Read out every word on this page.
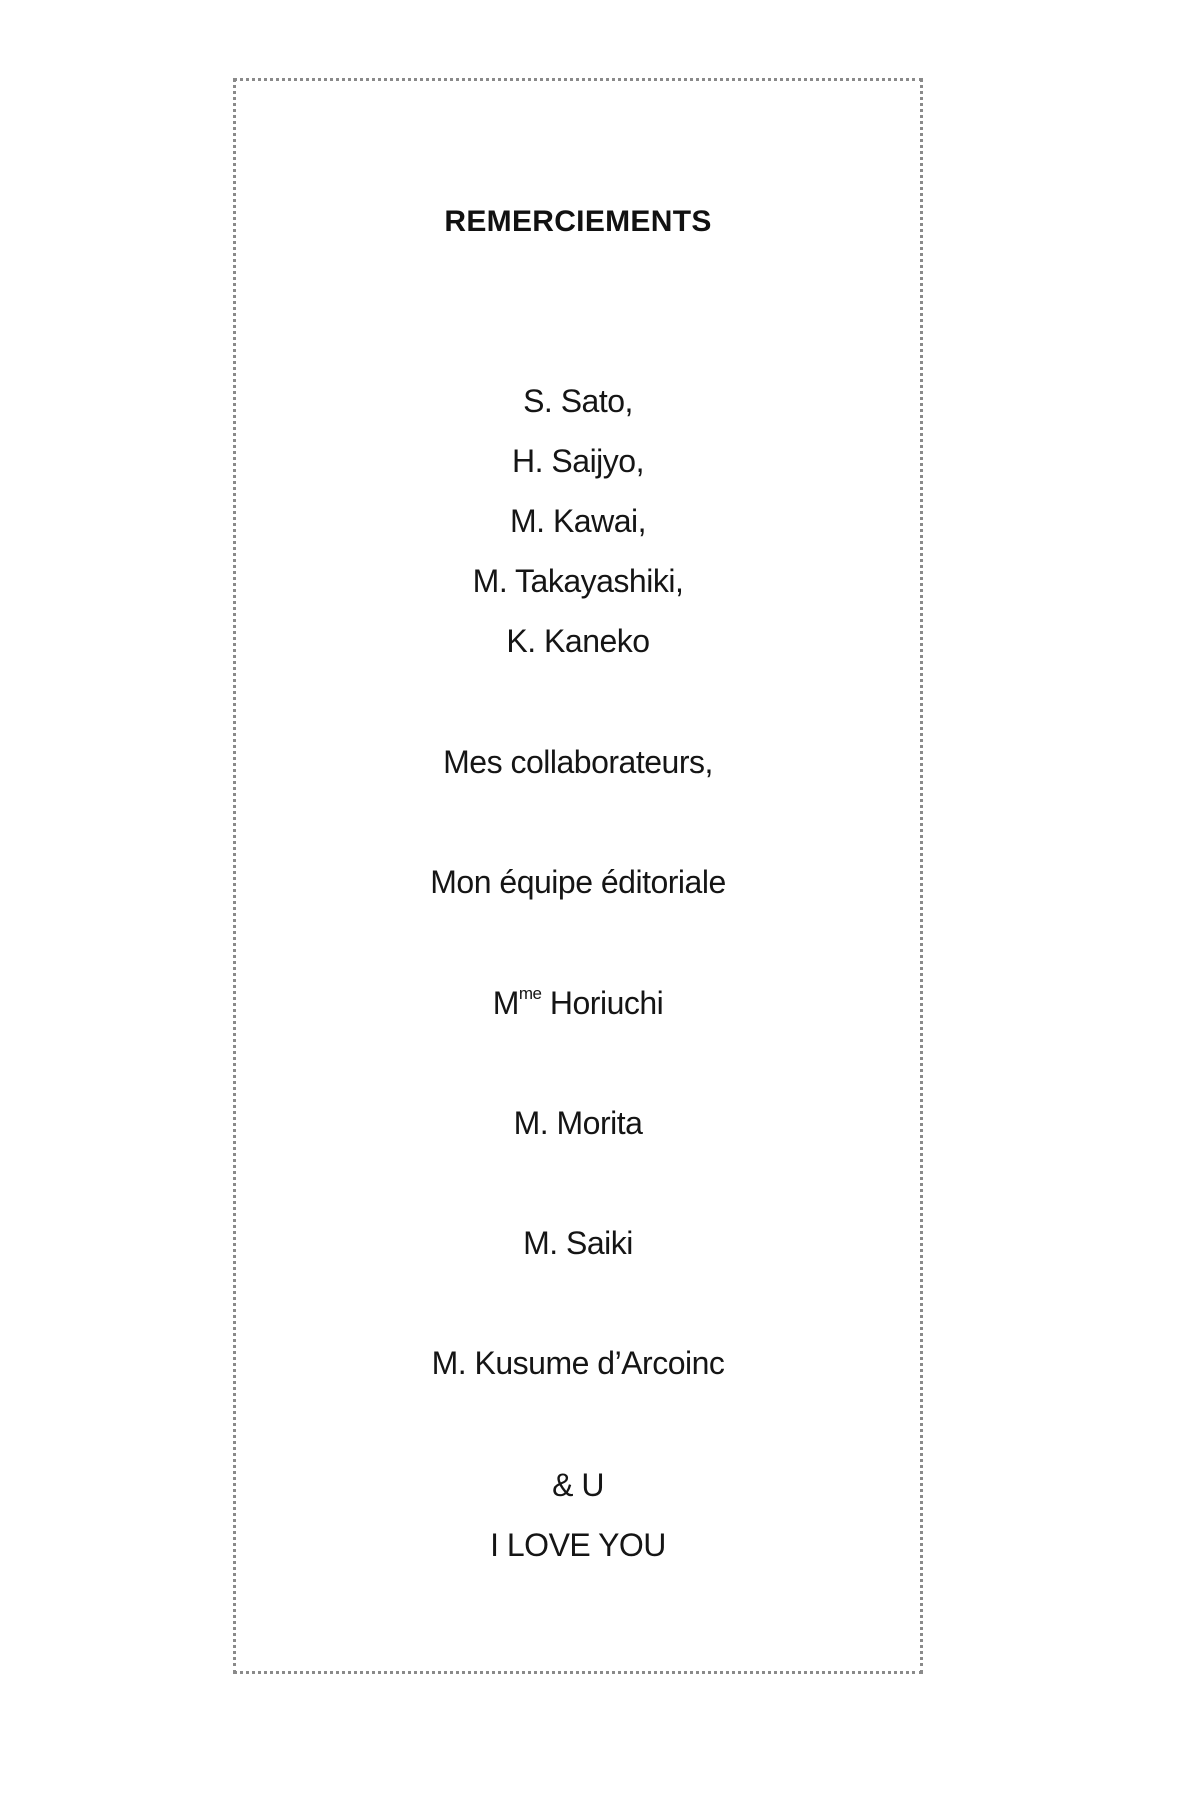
REMERCIEMENTS
S. Sato,
H. Saijyo,
M. Kawai,
M. Takayashiki,
K. Kaneko
Mes collaborateurs,
Mon équipe éditoriale
$M^{me}$ Horiuchi
M. Morita
M. Saiki
M. Kusume d’Arcoinc
& U
I LOVE YOU
